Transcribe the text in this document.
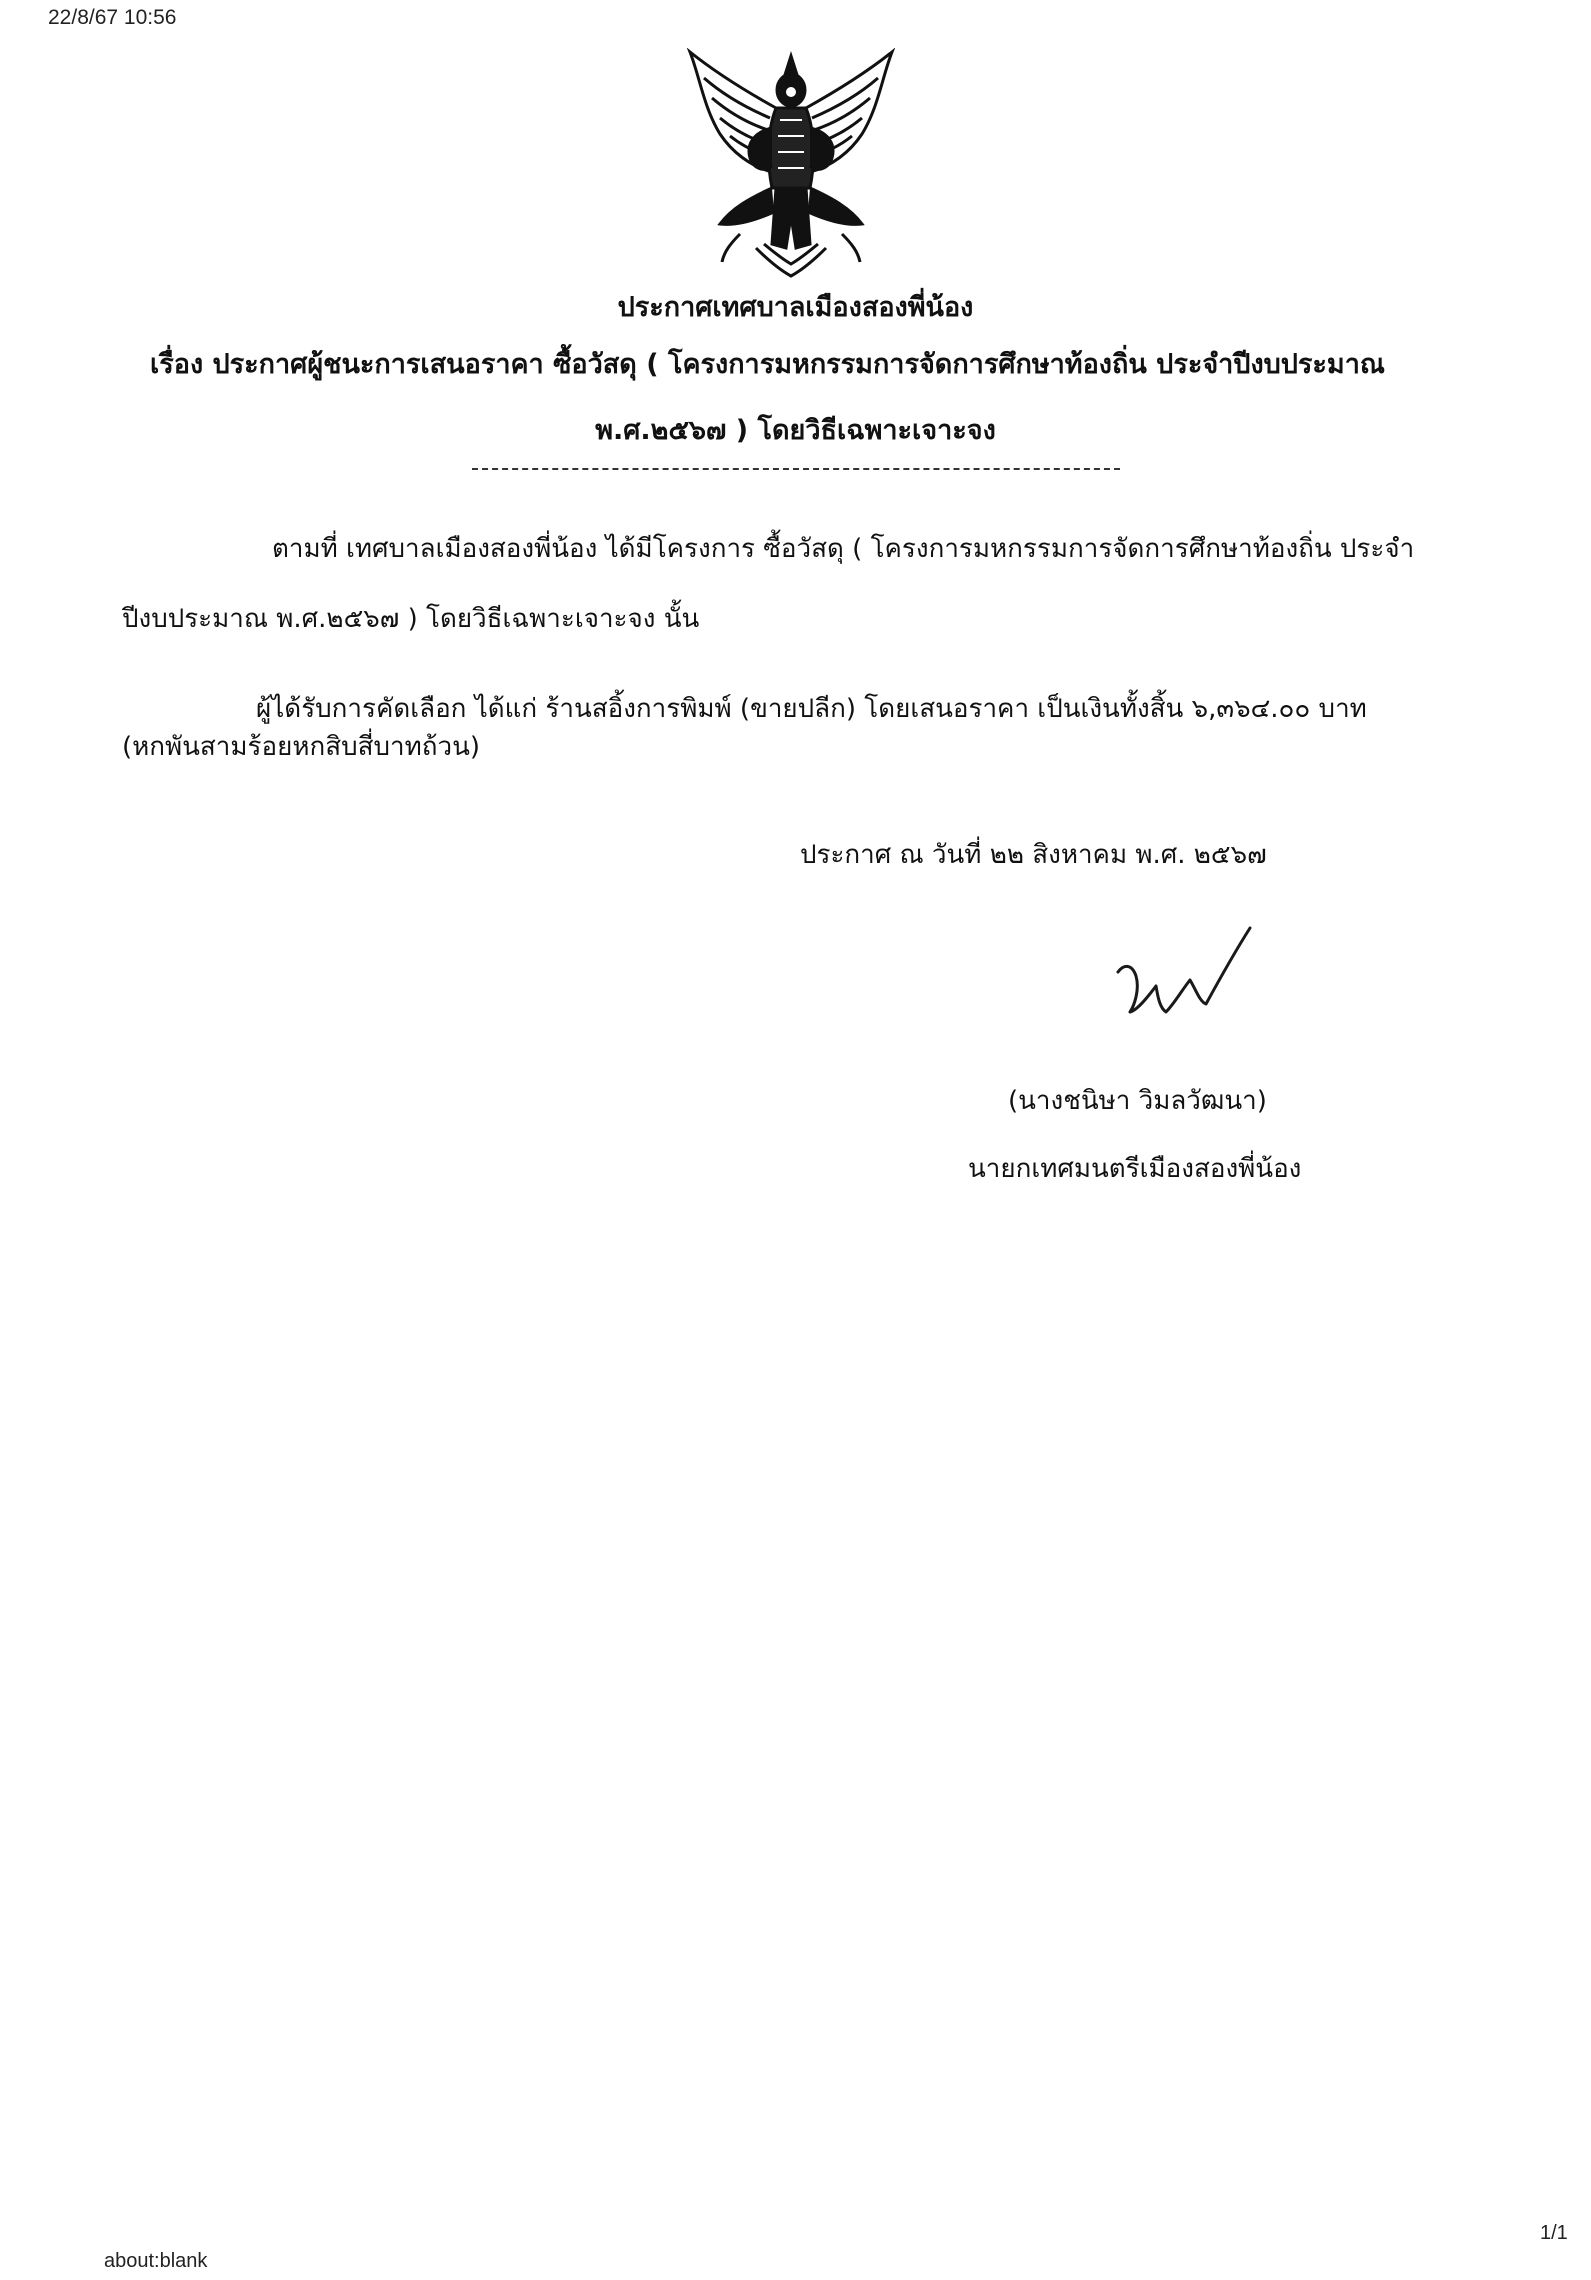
22/8/67 10:56
ประกาศเทศบาลเมืองสองพี่น้อง
เรื่อง ประกาศผู้ชนะการเสนอราคา ซื้อวัสดุ ( โครงการมหกรรมการจัดการศึกษาท้องถิ่น ประจำปีงบประมาณ
พ.ศ.๒๕๖๗ ) โดยวิธีเฉพาะเจาะจง
ตามที่ เทศบาลเมืองสองพี่น้อง ได้มีโครงการ ซื้อวัสดุ ( โครงการมหกรรมการจัดการศึกษาท้องถิ่น ประจำ
ปีงบประมาณ พ.ศ.๒๕๖๗ ) โดยวิธีเฉพาะเจาะจง นั้น
ผู้ได้รับการคัดเลือก ได้แก่ ร้านสอิ้งการพิมพ์ (ขายปลีก) โดยเสนอราคา เป็นเงินทั้งสิ้น ๖,๓๖๔.๐๐ บาท
(หกพันสามร้อยหกสิบสี่บาทถ้วน)
ประกาศ ณ วันที่ ๒๒ สิงหาคม พ.ศ. ๒๕๖๗
(นางชนิษา วิมลวัฒนา)
นายกเทศมนตรีเมืองสองพี่น้อง
1/1
about:blank
